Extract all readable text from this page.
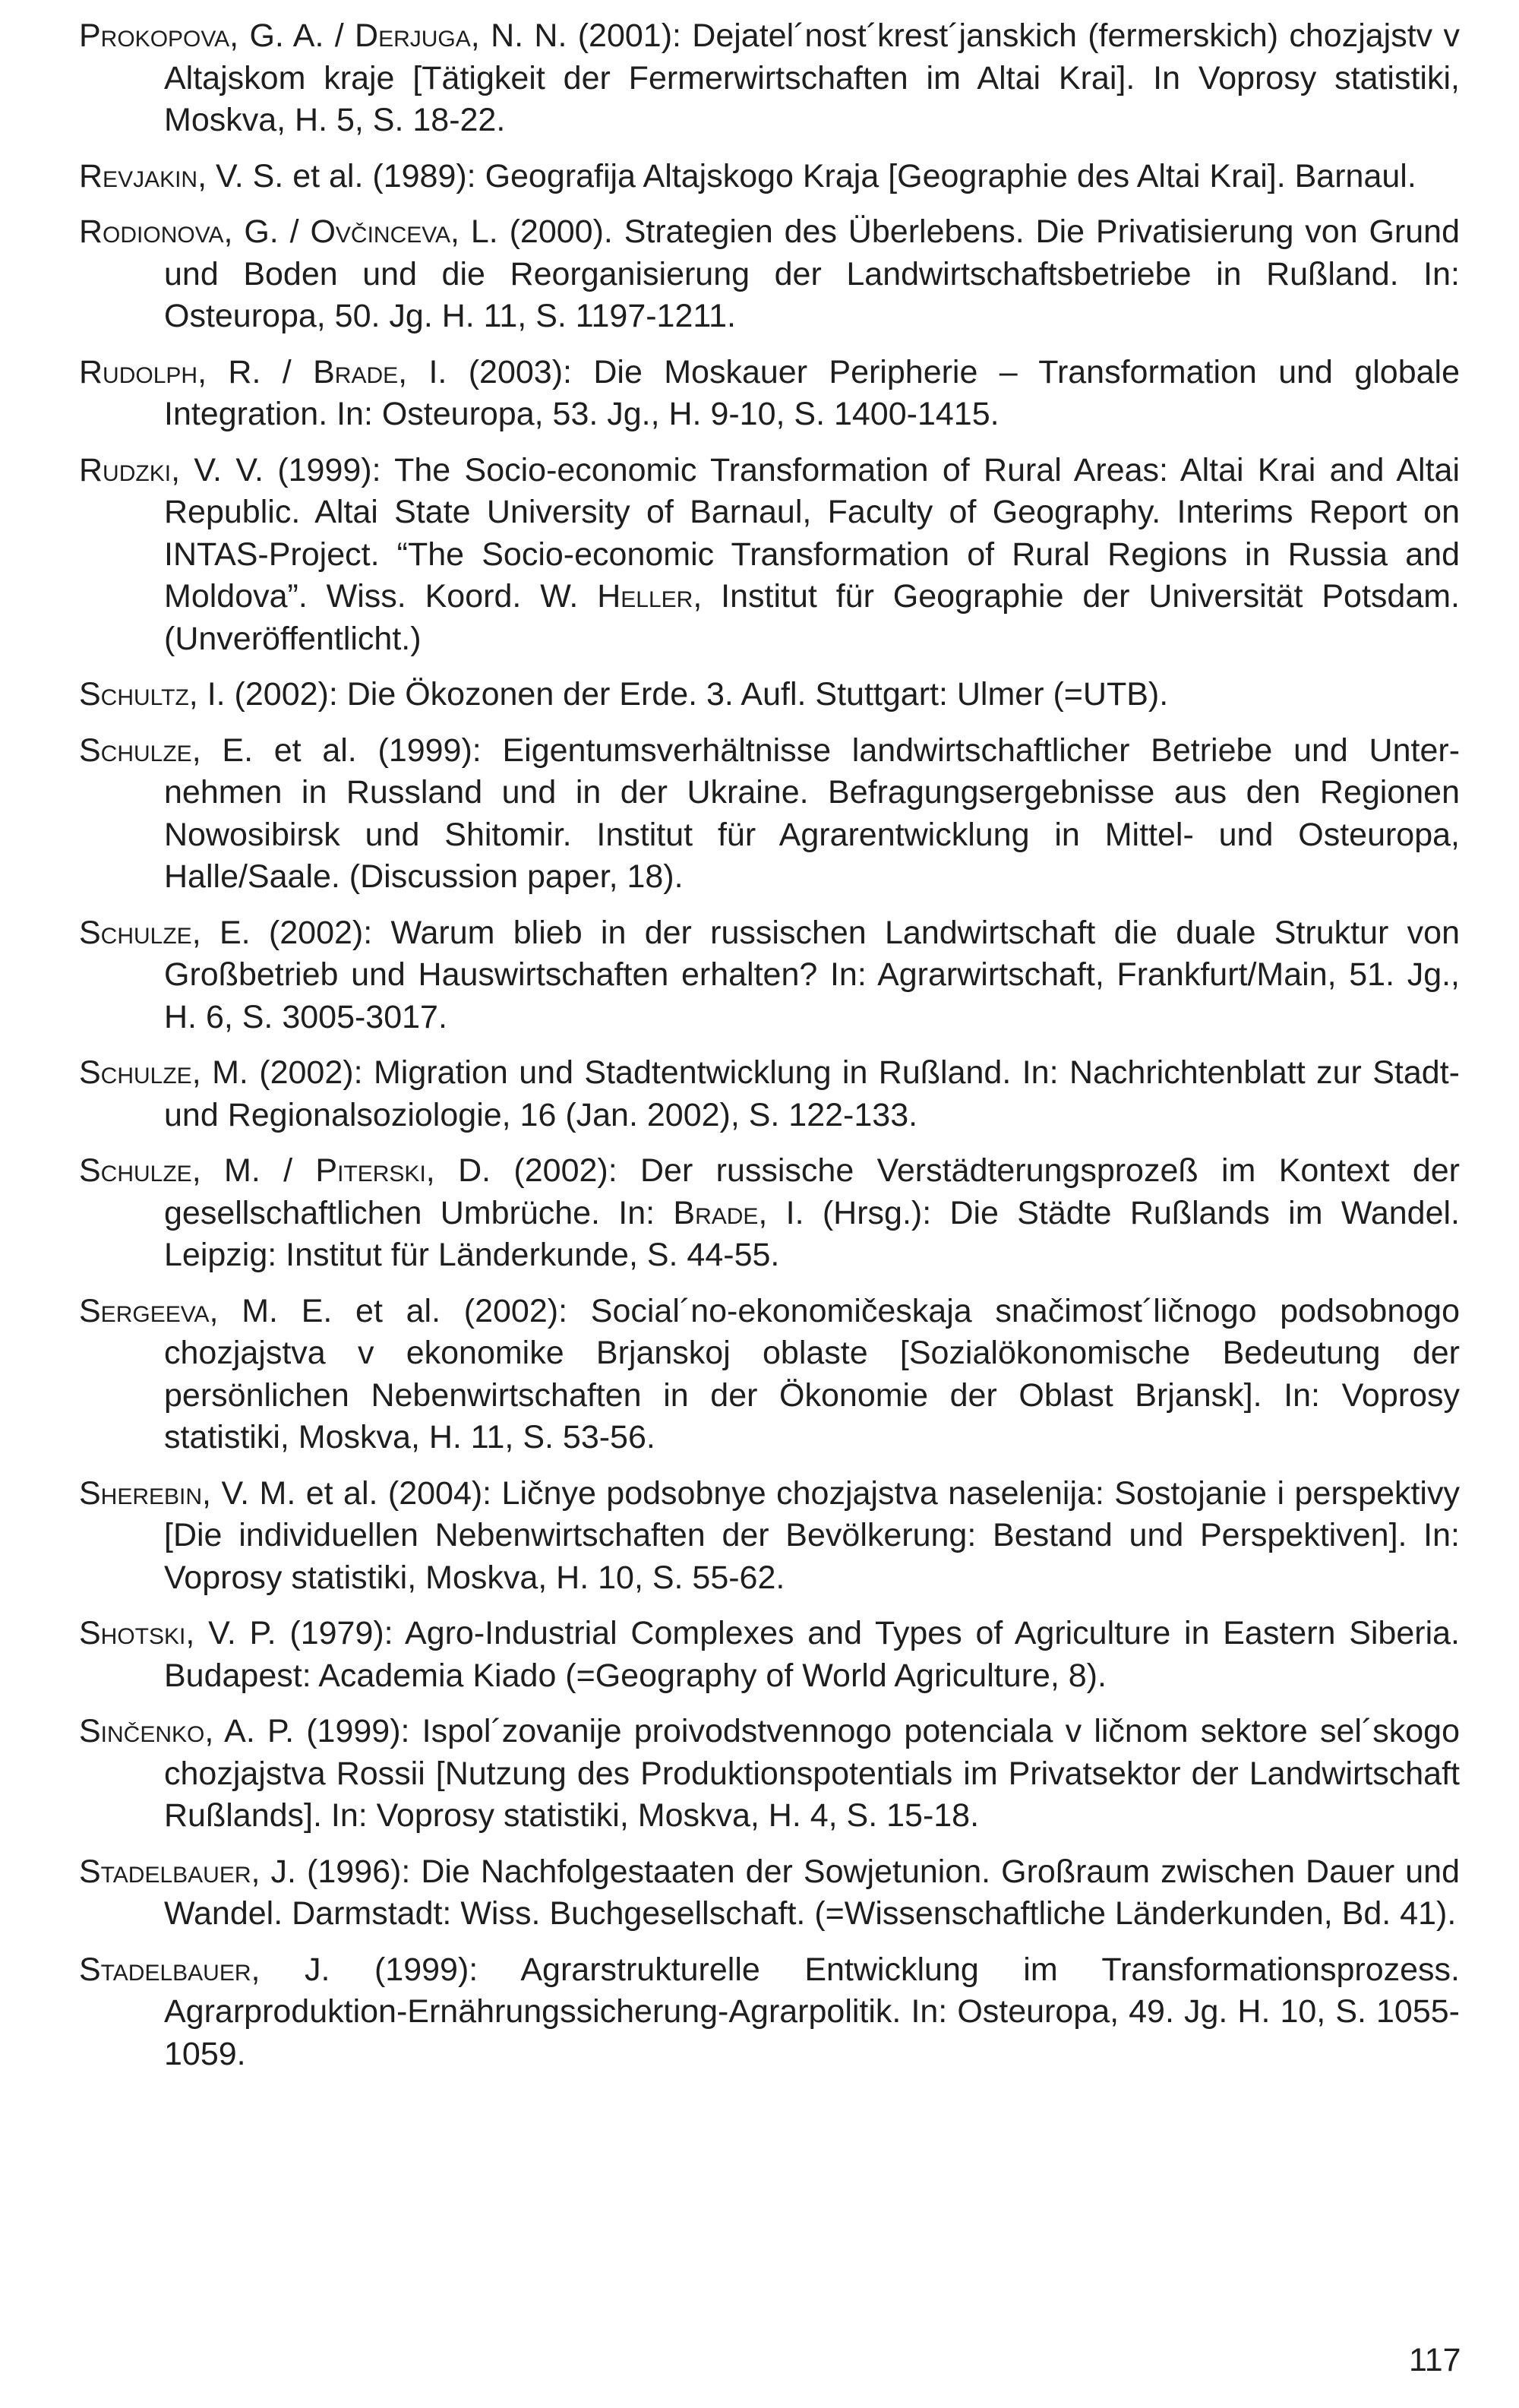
Prokopova, G. A. / Derjuga, N. N. (2001): Dejatel´nost´krest´janskich (fermerskich) chozjajstv v Altajskom kraje [Tätigkeit der Fermerwirtschaften im Altai Krai]. In Voprosy statistiki, Moskva, H. 5, S. 18-22.

Revjakin, V. S. et al. (1989): Geografija Altajskogo Kraja [Geographie des Altai Krai]. Barnaul.

Rodionova, G. / Ovčinceva, L. (2000). Strategien des Überlebens. Die Privatisierung von Grund und Boden und die Reorganisierung der Landwirtschaftsbetriebe in Rußland. In: Osteuropa, 50. Jg. H. 11, S. 1197-1211.

Rudolph, R. / Brade, I. (2003): Die Moskauer Peripherie – Transformation und globale Integration. In: Osteuropa, 53. Jg., H. 9-10, S. 1400-1415.

Rudzki, V. V. (1999): The Socio-economic Transformation of Rural Areas: Altai Krai and Altai Republic. Altai State University of Barnaul, Faculty of Geography. Interims Report on INTAS-Project. “The Socio-economic Transformation of Rural Regions in Russia and Moldova”. Wiss. Koord. W. Heller, Institut für Geographie der Universität Potsdam. (Unveröffentlicht.)

Schultz, I. (2002): Die Ökozonen der Erde. 3. Aufl. Stuttgart: Ulmer (=UTB).

Schulze, E. et al. (1999): Eigentumsverhältnisse landwirtschaftlicher Betriebe und Unter-nehmen in Russland und in der Ukraine. Befragungsergebnisse aus den Regionen Nowosibirsk und Shitomir. Institut für Agrarentwicklung in Mittel- und Osteuropa, Halle/Saale. (Discussion paper, 18).

Schulze, E. (2002): Warum blieb in der russischen Landwirtschaft die duale Struktur von Großbetrieb und Hauswirtschaften erhalten? In: Agrarwirtschaft, Frankfurt/Main, 51. Jg., H. 6, S. 3005-3017.

Schulze, M. (2002): Migration und Stadtentwicklung in Rußland. In: Nachrichtenblatt zur Stadt- und Regionalsoziologie, 16 (Jan. 2002), S. 122-133.

Schulze, M. / Piterski, D. (2002): Der russische Verstädterungsprozeß im Kontext der gesellschaftlichen Umbrüche. In: Brade, I. (Hrsg.): Die Städte Rußlands im Wandel. Leipzig: Institut für Länderkunde, S. 44-55.

Sergeeva, M. E. et al. (2002): Social´no-ekonomičeskaja snačimost´ličnogo podsobnogo chozjajstva v ekonomike Brjanskoj oblaste [Sozialökonomische Bedeutung der persönlichen Nebenwirtschaften in der Ökonomie der Oblast Brjansk]. In: Voprosy statistiki, Moskva, H. 11, S. 53-56.

Sherebin, V. M. et al. (2004): Ličnye podsobnye chozjajstva naselenija: Sostojanie i perspektivy [Die individuellen Nebenwirtschaften der Bevölkerung: Bestand und Perspektiven]. In: Voprosy statistiki, Moskva, H. 10, S. 55-62.

Shotski, V. P. (1979): Agro-Industrial Complexes and Types of Agriculture in Eastern Siberia. Budapest: Academia Kiado (=Geography of World Agriculture, 8).

Sinčenko, A. P. (1999): Ispol´zovanije proivodstvennogo potenciala v ličnom sektore sel´skogo chozjajstva Rossii [Nutzung des Produktionspotentials im Privatsektor der Landwirtschaft Rußlands]. In: Voprosy statistiki, Moskva, H. 4, S. 15-18.

Stadelbauer, J. (1996): Die Nachfolgestaaten der Sowjetunion. Großraum zwischen Dauer und Wandel. Darmstadt: Wiss. Buchgesellschaft. (=Wissenschaftliche Länderkunden, Bd. 41).

Stadelbauer, J. (1999): Agrarstrukturelle Entwicklung im Transformationsprozess. Agrarproduktion-Ernährungssicherung-Agrarpolitik. In: Osteuropa, 49. Jg. H. 10, S. 1055-1059.

117
